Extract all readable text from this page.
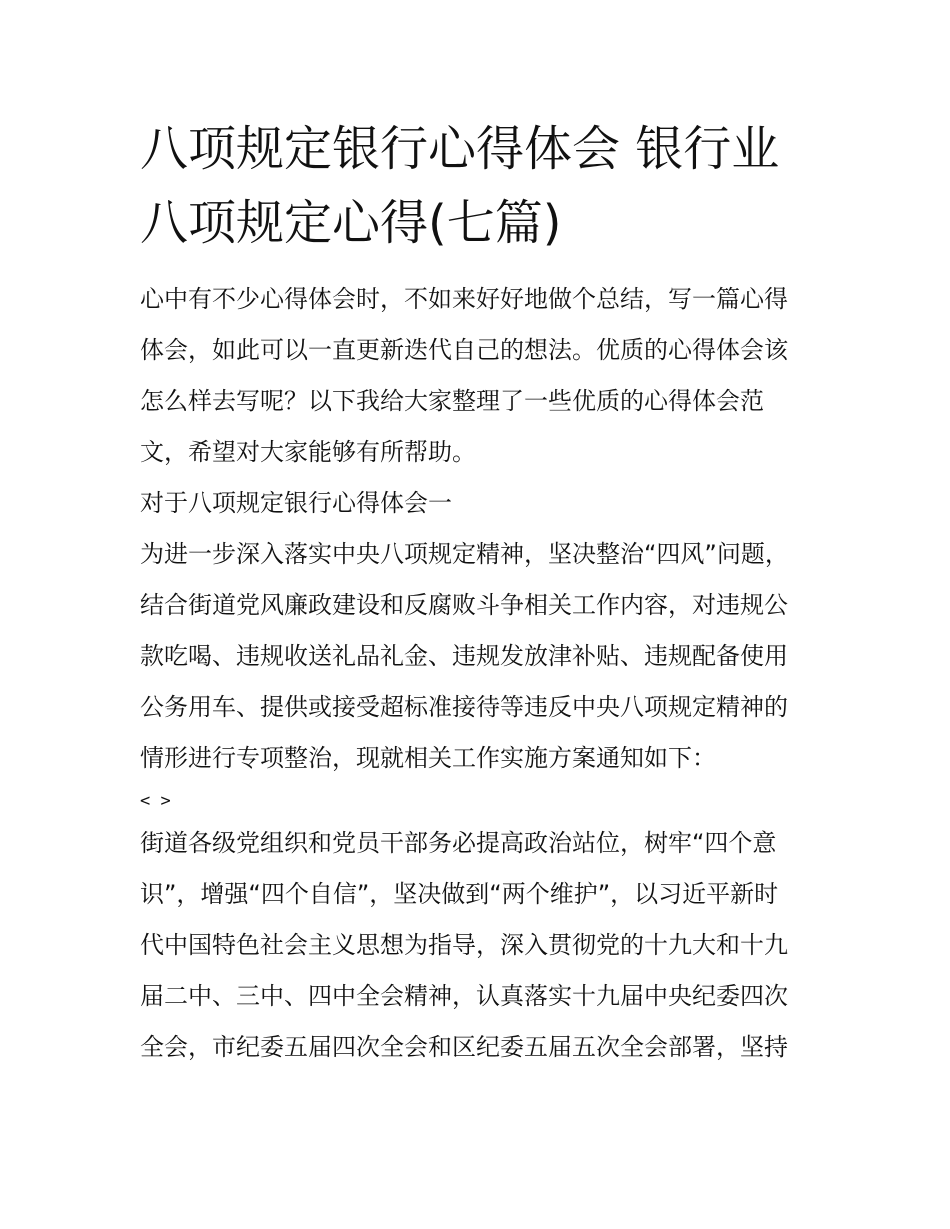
八项规定银行心得体会 银行业
八项规定心得(七篇)
心中有不少心得体会时，不如来好好地做个总结，写一篇心得
体会，如此可以一直更新迭代自己的想法。优质的心得体会该
怎么样去写呢？以下我给大家整理了一些优质的心得体会范
文，希望对大家能够有所帮助。
对于八项规定银行心得体会一
为进一步深入落实中央八项规定精神，坚决整治“四风”问题，
结合街道党风廉政建设和反腐败斗争相关工作内容，对违规公
款吃喝、违规收送礼品礼金、违规发放津补贴、违规配备使用
公务用车、提供或接受超标准接待等违反中央八项规定精神的
情形进行专项整治，现就相关工作实施方案通知如下：
< >
街道各级党组织和党员干部务必提高政治站位，树牢“四个意
识”，增强“四个自信”，坚决做到“两个维护”，以习近平新时
代中国特色社会主义思想为指导，深入贯彻党的十九大和十九
届二中、三中、四中全会精神，认真落实十九届中央纪委四次
全会，市纪委五届四次全会和区纪委五届五次全会部署，坚持
